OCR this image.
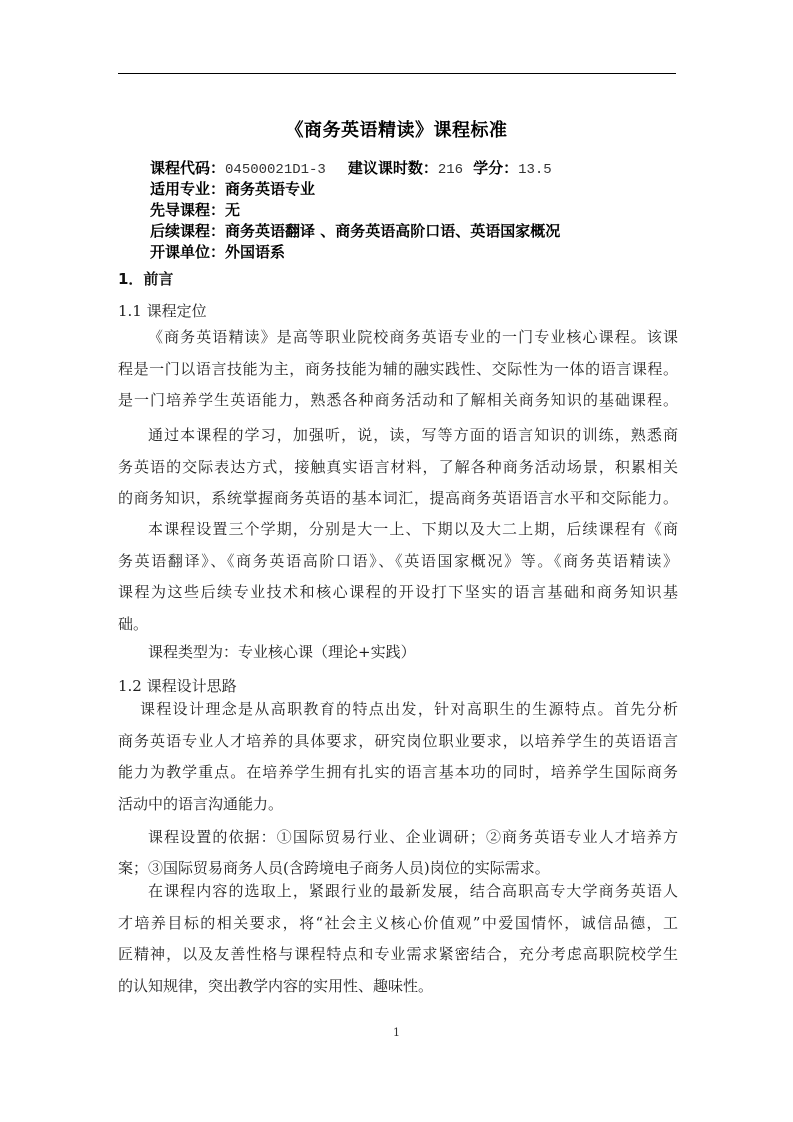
《商务英语精读》课程标准
课程代码：04500021D1-3 建议课时数：216 学分：13.5
适用专业：商务英语专业
先导课程：无
后续课程：商务英语翻译 、商务英语高阶口语、英语国家概况
开课单位：外国语系
1．前言
1.1 课程定位
《商务英语精读》是高等职业院校商务英语专业的一门专业核心课程。该课
程是一门以语言技能为主，商务技能为辅的融实践性、交际性为一体的语言课程。
是一门培养学生英语能力，熟悉各种商务活动和了解相关商务知识的基础课程。
通过本课程的学习，加强听，说，读，写等方面的语言知识的训练，熟悉商
务英语的交际表达方式，接触真实语言材料，了解各种商务活动场景，积累相关
的商务知识，系统掌握商务英语的基本词汇，提高商务英语语言水平和交际能力。
本课程设置三个学期，分别是大一上、下期以及大二上期，后续课程有《商
务英语翻译》、《商务英语高阶口语》、《英语国家概况》等。《商务英语精读》
课程为这些后续专业技术和核心课程的开设打下坚实的语言基础和商务知识基
础。
课程类型为：专业核心课（理论+实践）
1.2 课程设计思路
课程设计理念是从高职教育的特点出发，针对高职生的生源特点。首先分析
商务英语专业人才培养的具体要求，研究岗位职业要求，以培养学生的英语语言
能力为教学重点。在培养学生拥有扎实的语言基本功的同时，培养学生国际商务
活动中的语言沟通能力。
课程设置的依据：①国际贸易行业、企业调研；②商务英语专业人才培养方
案；③国际贸易商务人员(含跨境电子商务人员)岗位的实际需求。
在课程内容的选取上，紧跟行业的最新发展，结合高职高专大学商务英语人
才培养目标的相关要求，将“社会主义核心价值观”中爱国情怀，诚信品德，工
匠精神，以及友善性格与课程特点和专业需求紧密结合，充分考虑高职院校学生
的认知规律，突出教学内容的实用性、趣味性。
1
